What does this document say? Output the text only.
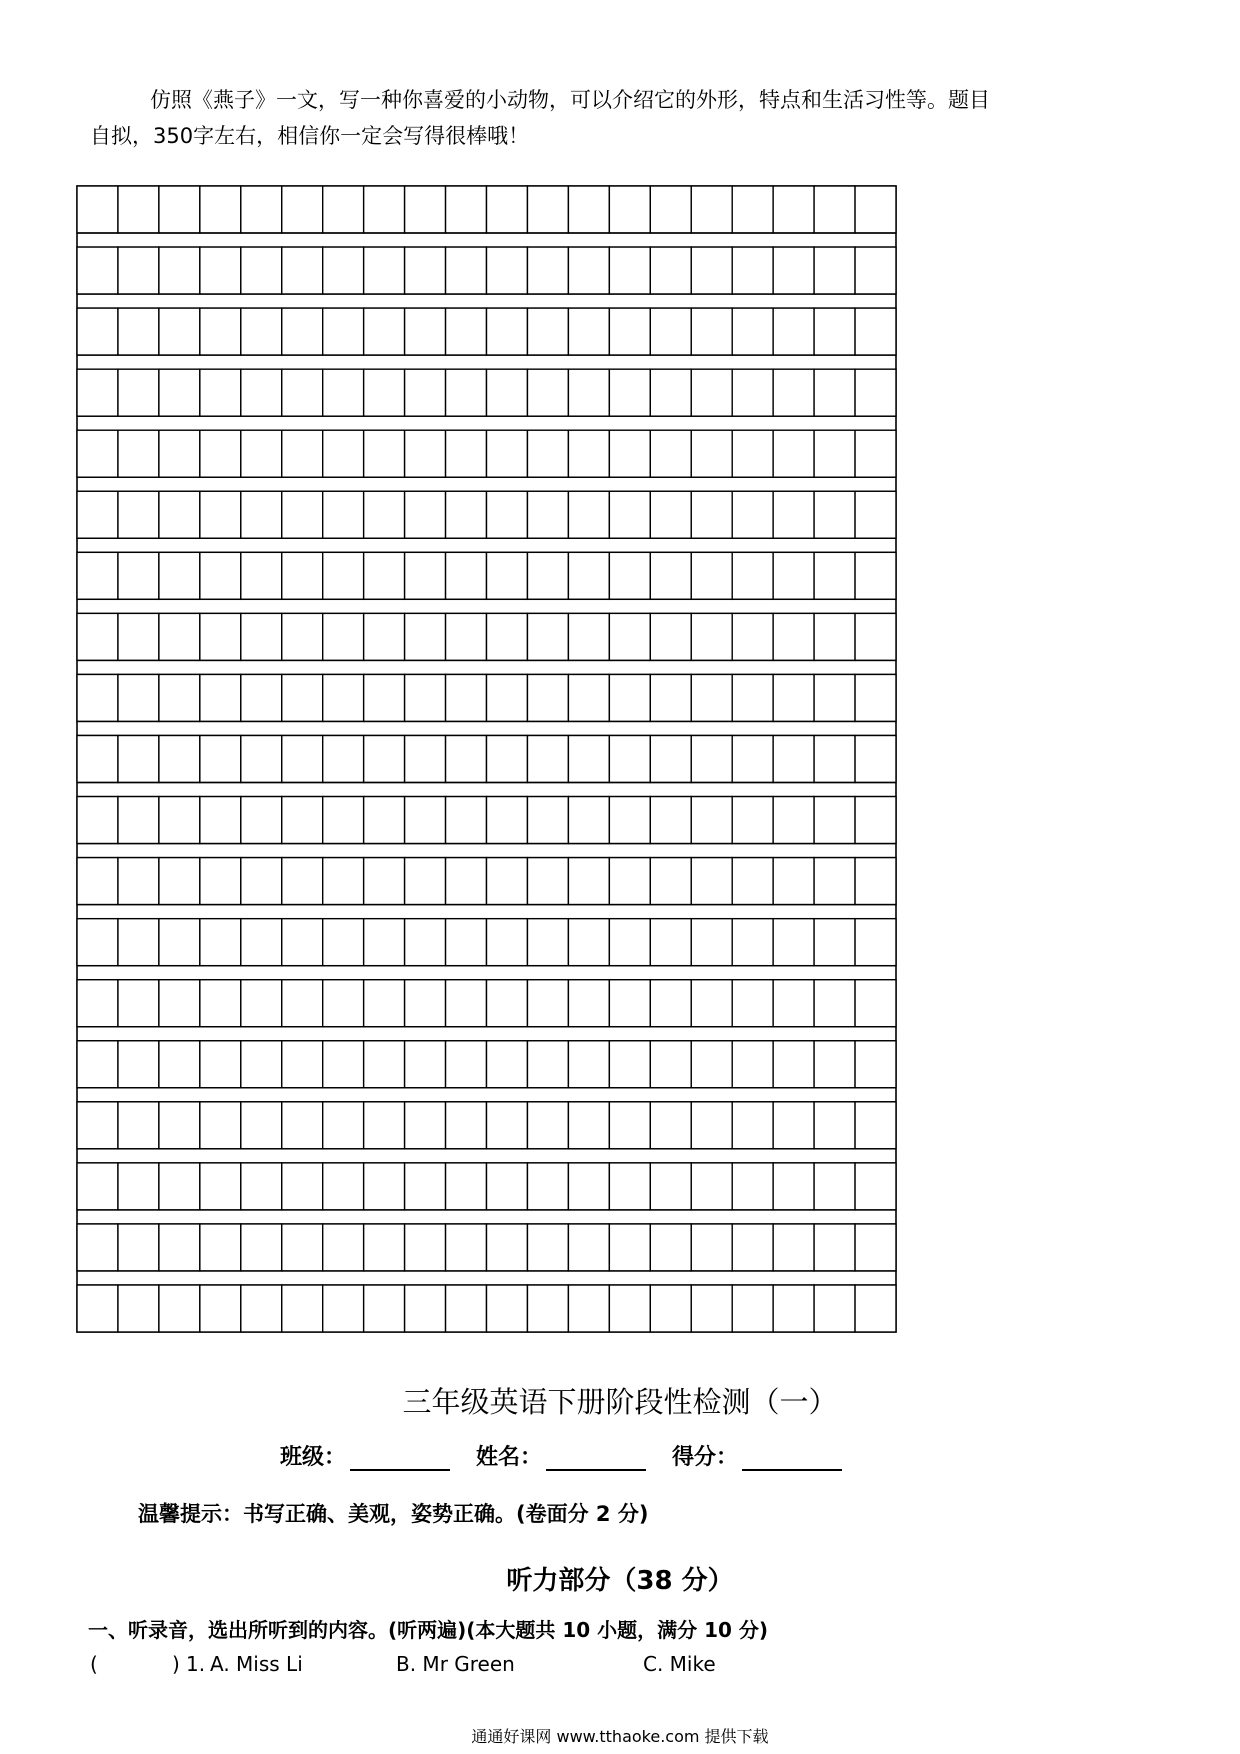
仿照《燕子》一文，写一种你喜爱的小动物，可以介绍它的外形，特点和生活习性等。题目

自拟，350字左右，相信你一定会写得很棒哦！
三年级英语下册阶段性检测（一）
班级：	姓名：	得分：
温馨提示：书写正确、美观，姿势正确。(卷面分 2 分)
听力部分（38 分）
一、听录音，选出所听到的内容。(听两遍)(本大题共 10 小题，满分 10 分)
(	) 1. A. Miss Li	B. Mr Green	C. Mike
通通好课网 www.tthaoke.com 提供下载
